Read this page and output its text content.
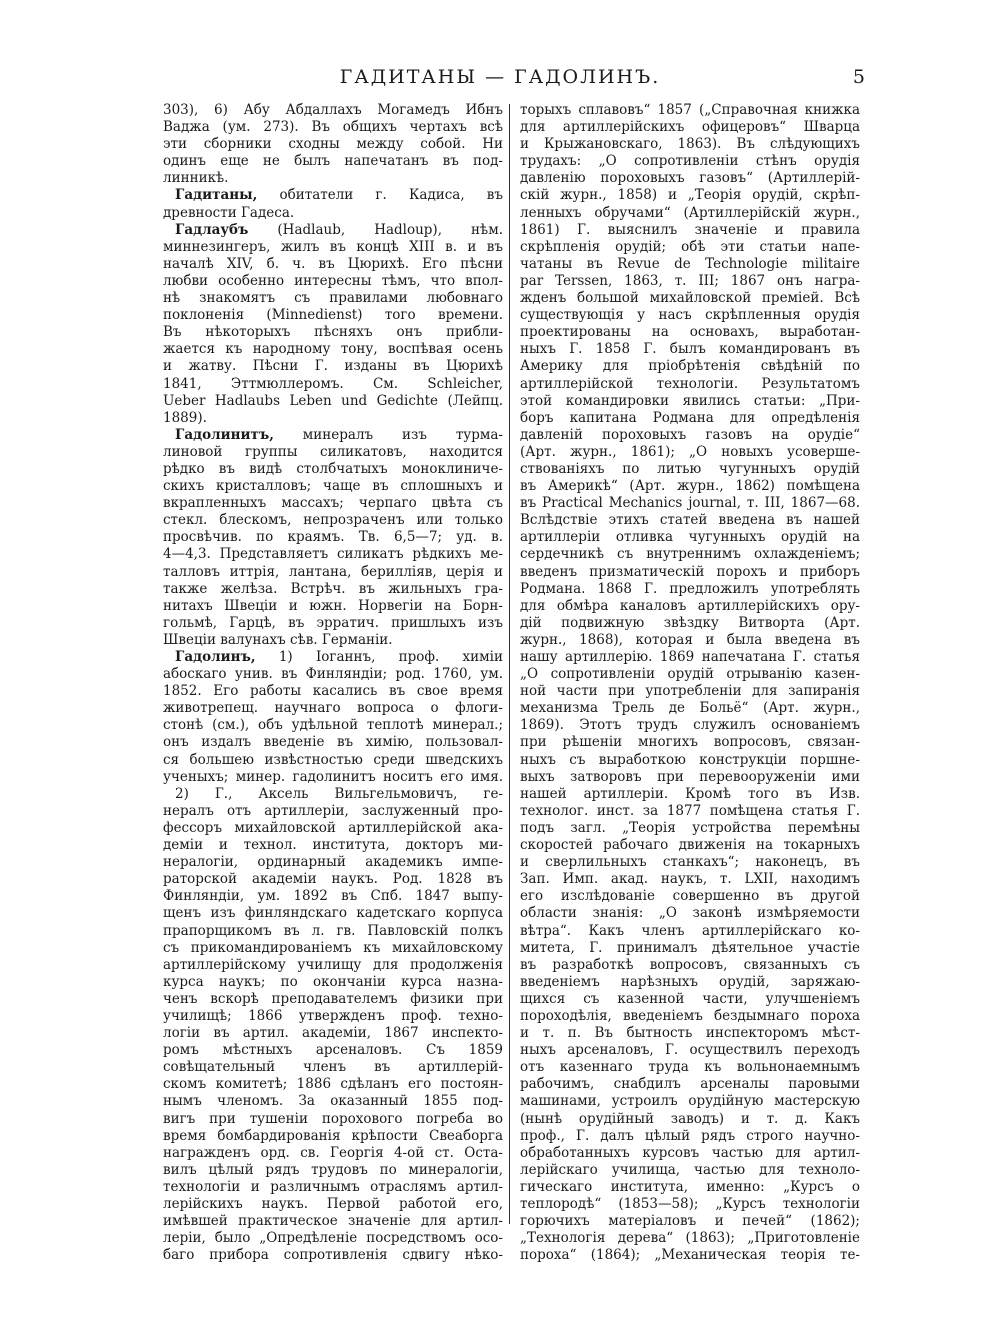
ГАДИТАНЫ — ГАДОЛИНЪ.	5
303), 6) Абу Абдаллахъ Могамедъ Ибнъ
Ваджа (ум. 273). Въ общихъ чертахъ всѣ
эти сборники сходны между собой. Ни
одинъ еще не былъ напечатанъ въ под-
линникѣ.
Гадитаны, обитатели г. Кадиса, въ
древности Гадеса.
Гадлаубъ (Hadlaub, Hadloup), нѣм.
миннезингеръ, жилъ въ концѣ XIII в. и въ
началѣ XIV, б. ч. въ Цюрихѣ. Его пѣсни
любви особенно интересны тѣмъ, что впол-
нѣ знакомятъ съ правилами любовнаго
поклоненія (Minnedienst) того времени.
Въ нѣкоторыхъ пѣсняхъ онъ прибли-
жается къ народному тону, воспѣвая осень
и жатву. Пѣсни Г. изданы въ Цюрихѣ
1841, Эттмюллеромъ. См. Schleicher,
Ueber Hadlaubs Leben und Gedichte (Лейпц.
1889).
Гадолинитъ, минералъ изъ турма-
линовой группы силикатовъ, находится
рѣдко въ видѣ столбчатыхъ моноклиниче-
скихъ кристалловъ; чаще въ сплошныхъ и
вкрапленныхъ массахъ; черпаго цвѣта съ
стекл. блескомъ, непрозраченъ или только
просвѣчив. по краямъ. Тв. 6,5—7; уд. в.
4—4,3. Представляетъ силикатъ рѣдкихъ ме-
талловъ иттрія, лантана, берилліяв, церія и
также желѣза. Встрѣч. въ жильныхъ гра-
нитахъ Швеціи и южн. Норвегіи на Борн-
гольмѣ, Гарцѣ, въ эрратич. пришлыхъ изъ
Швеціи валунахъ сѣв. Германіи.
Гадолинъ, 1) Іоганнъ, проф. химіи
абоскаго унив. въ Финляндіи; род. 1760, ум.
1852. Его работы касались въ свое время
животрепещ. научнаго вопроса о флоги-
стонѣ (см.), объ удѣльной теплотѣ минерал.;
онъ издалъ введеніе въ химію, пользовал-
ся большею извѣстностью среди шведскихъ
ученыхъ; минер. гадолинитъ носитъ его имя.
2) Г., Аксель Вильгельмовичъ, ге-
нералъ отъ артиллеріи, заслуженный про-
фессоръ михайловской артиллерійской ака-
деміи и технол. института, докторъ ми-
нералогіи, ординарный академикъ импе-
раторской академіи наукъ. Род. 1828 въ
Финляндіи, ум. 1892 въ Спб. 1847 выпу-
щенъ изъ финляндскаго кадетскаго корпуса
прапорщикомъ въ л. гв. Павловскій полкъ
съ прикомандированіемъ къ михайловскому
артиллерійскому училищу для продолженія
курса наукъ; по окончаніи курса назна-
ченъ вскорѣ преподавателемъ физики при
училищѣ; 1866 утвержденъ проф. техно-
логіи въ артил. академіи, 1867 инспекто-
ромъ мѣстныхъ арсеналовъ. Съ 1859
совѣщательный членъ въ артиллерій-
скомъ комитетѣ; 1886 сдѣланъ его постоян-
нымъ членомъ. За оказанный 1855 под-
вигъ при тушеніи порохового погреба во
время бомбардированія крѣпости Свеаборга
награжденъ орд. св. Георгія 4-ой ст. Оста-
вилъ цѣлый рядъ трудовъ по минералогіи,
технологіи и различнымъ отраслямъ артил-
лерійскихъ наукъ. Первой работой его,
имѣвшей практическое значеніе для артил-
леріи, было „Опредѣленіе посредствомъ осо-
баго прибора сопротивленія сдвигу нѣко-
торыхъ сплавовъ“ 1857 („Справочная книжка
для артиллерійскихъ офицеровъ“ Шварца
и Крыжановскаго, 1863). Въ слѣдующихъ
трудахъ: „О сопротивленіи стѣнъ орудія
давленію пороховыхъ газовъ“ (Артиллерій-
скій журн., 1858) и „Теорія орудій, скрѣп-
ленныхъ обручами“ (Артиллерійскій журн.,
1861) Г. выяснилъ значеніе и правила
скрѣпленія орудій; обѣ эти статьи напе-
чатаны въ Revue de Technologie militaire
par Terssen, 1863, т. III; 1867 онъ награ-
жденъ большой михайловской преміей. Всѣ
существующія у насъ скрѣпленныя орудія
проектированы на основахъ, выработан-
ныхъ Г. 1858 Г. былъ командированъ въ
Америку для пріобрѣтенія свѣдѣній по
артиллерійской технологіи. Результатомъ
этой командировки явились статьи: „При-
боръ капитана Родмана для опредѣленія
давленій пороховыхъ газовъ на орудіе“
(Арт. журн., 1861); „О новыхъ усоверше-
ствованіяхъ по литью чугунныхъ орудій
въ Америкѣ“ (Арт. журн., 1862) помѣщена
въ Practical Mechanics journal, т. III, 1867—68.
Вслѣдствіе этихъ статей введена въ нашей
артиллеріи отливка чугунныхъ орудій на
сердечникѣ съ внутреннимъ охлажденіемъ;
введенъ призматическій порохъ и приборъ
Родмана. 1868 Г. предложилъ употреблять
для обмѣра каналовъ артиллерійскихъ ору-
дій подвижную звѣздку Витворта (Арт.
журн., 1868), которая и была введена въ
нашу артиллерію. 1869 напечатана Г. статья
„О сопротивленіи орудій отрыванію казен-
ной части при употребленіи для запиранія
механизма Трель де Больё“ (Арт. журн.,
1869). Этотъ трудъ служилъ основаніемъ
при рѣшеніи многихъ вопросовъ, связан-
ныхъ съ выработкою конструкціи поршне-
выхъ затворовъ при перевооруженіи ими
нашей артиллеріи. Кромѣ того въ Изв.
технолог. инст. за 1877 помѣщена статья Г.
подъ загл. „Теорія устройства перемѣны
скоростей рабочаго движенія на токарныхъ
и сверлильныхъ станкахъ“; наконецъ, въ
Зап. Имп. акад. наукъ, т. LXII, находимъ
его изслѣдованіе совершенно въ другой
области знанія: „О законѣ измѣряемости
вѣтра“. Какъ членъ артиллерійскаго ко-
митета, Г. принималъ дѣятельное участіе
въ разработкѣ вопросовъ, связанныхъ съ
введеніемъ нарѣзныхъ орудій, заряжаю-
щихся съ казенной части, улучшеніемъ
пороходѣлія, введеніемъ бездымнаго пороха
и т. п. Въ бытность инспекторомъ мѣст-
ныхъ арсеналовъ, Г. осуществилъ переходъ
отъ казеннаго труда къ вольнонаемнымъ
рабочимъ, снабдилъ арсеналы паровыми
машинами, устроилъ орудійную мастерскую
(нынѣ орудійный заводъ) и т. д. Какъ
проф., Г. далъ цѣлый рядъ строго научно-
обработанныхъ курсовъ частью для артил-
лерійскаго училища, частью для техноло-
гическаго института, именно: „Курсъ о
теплородѣ“ (1853—58); „Курсъ технологіи
горючихъ матеріаловъ и печей“ (1862);
„Технологія дерева“ (1863); „Приготовленіе
пороха“ (1864); „Механическая теорія те-
